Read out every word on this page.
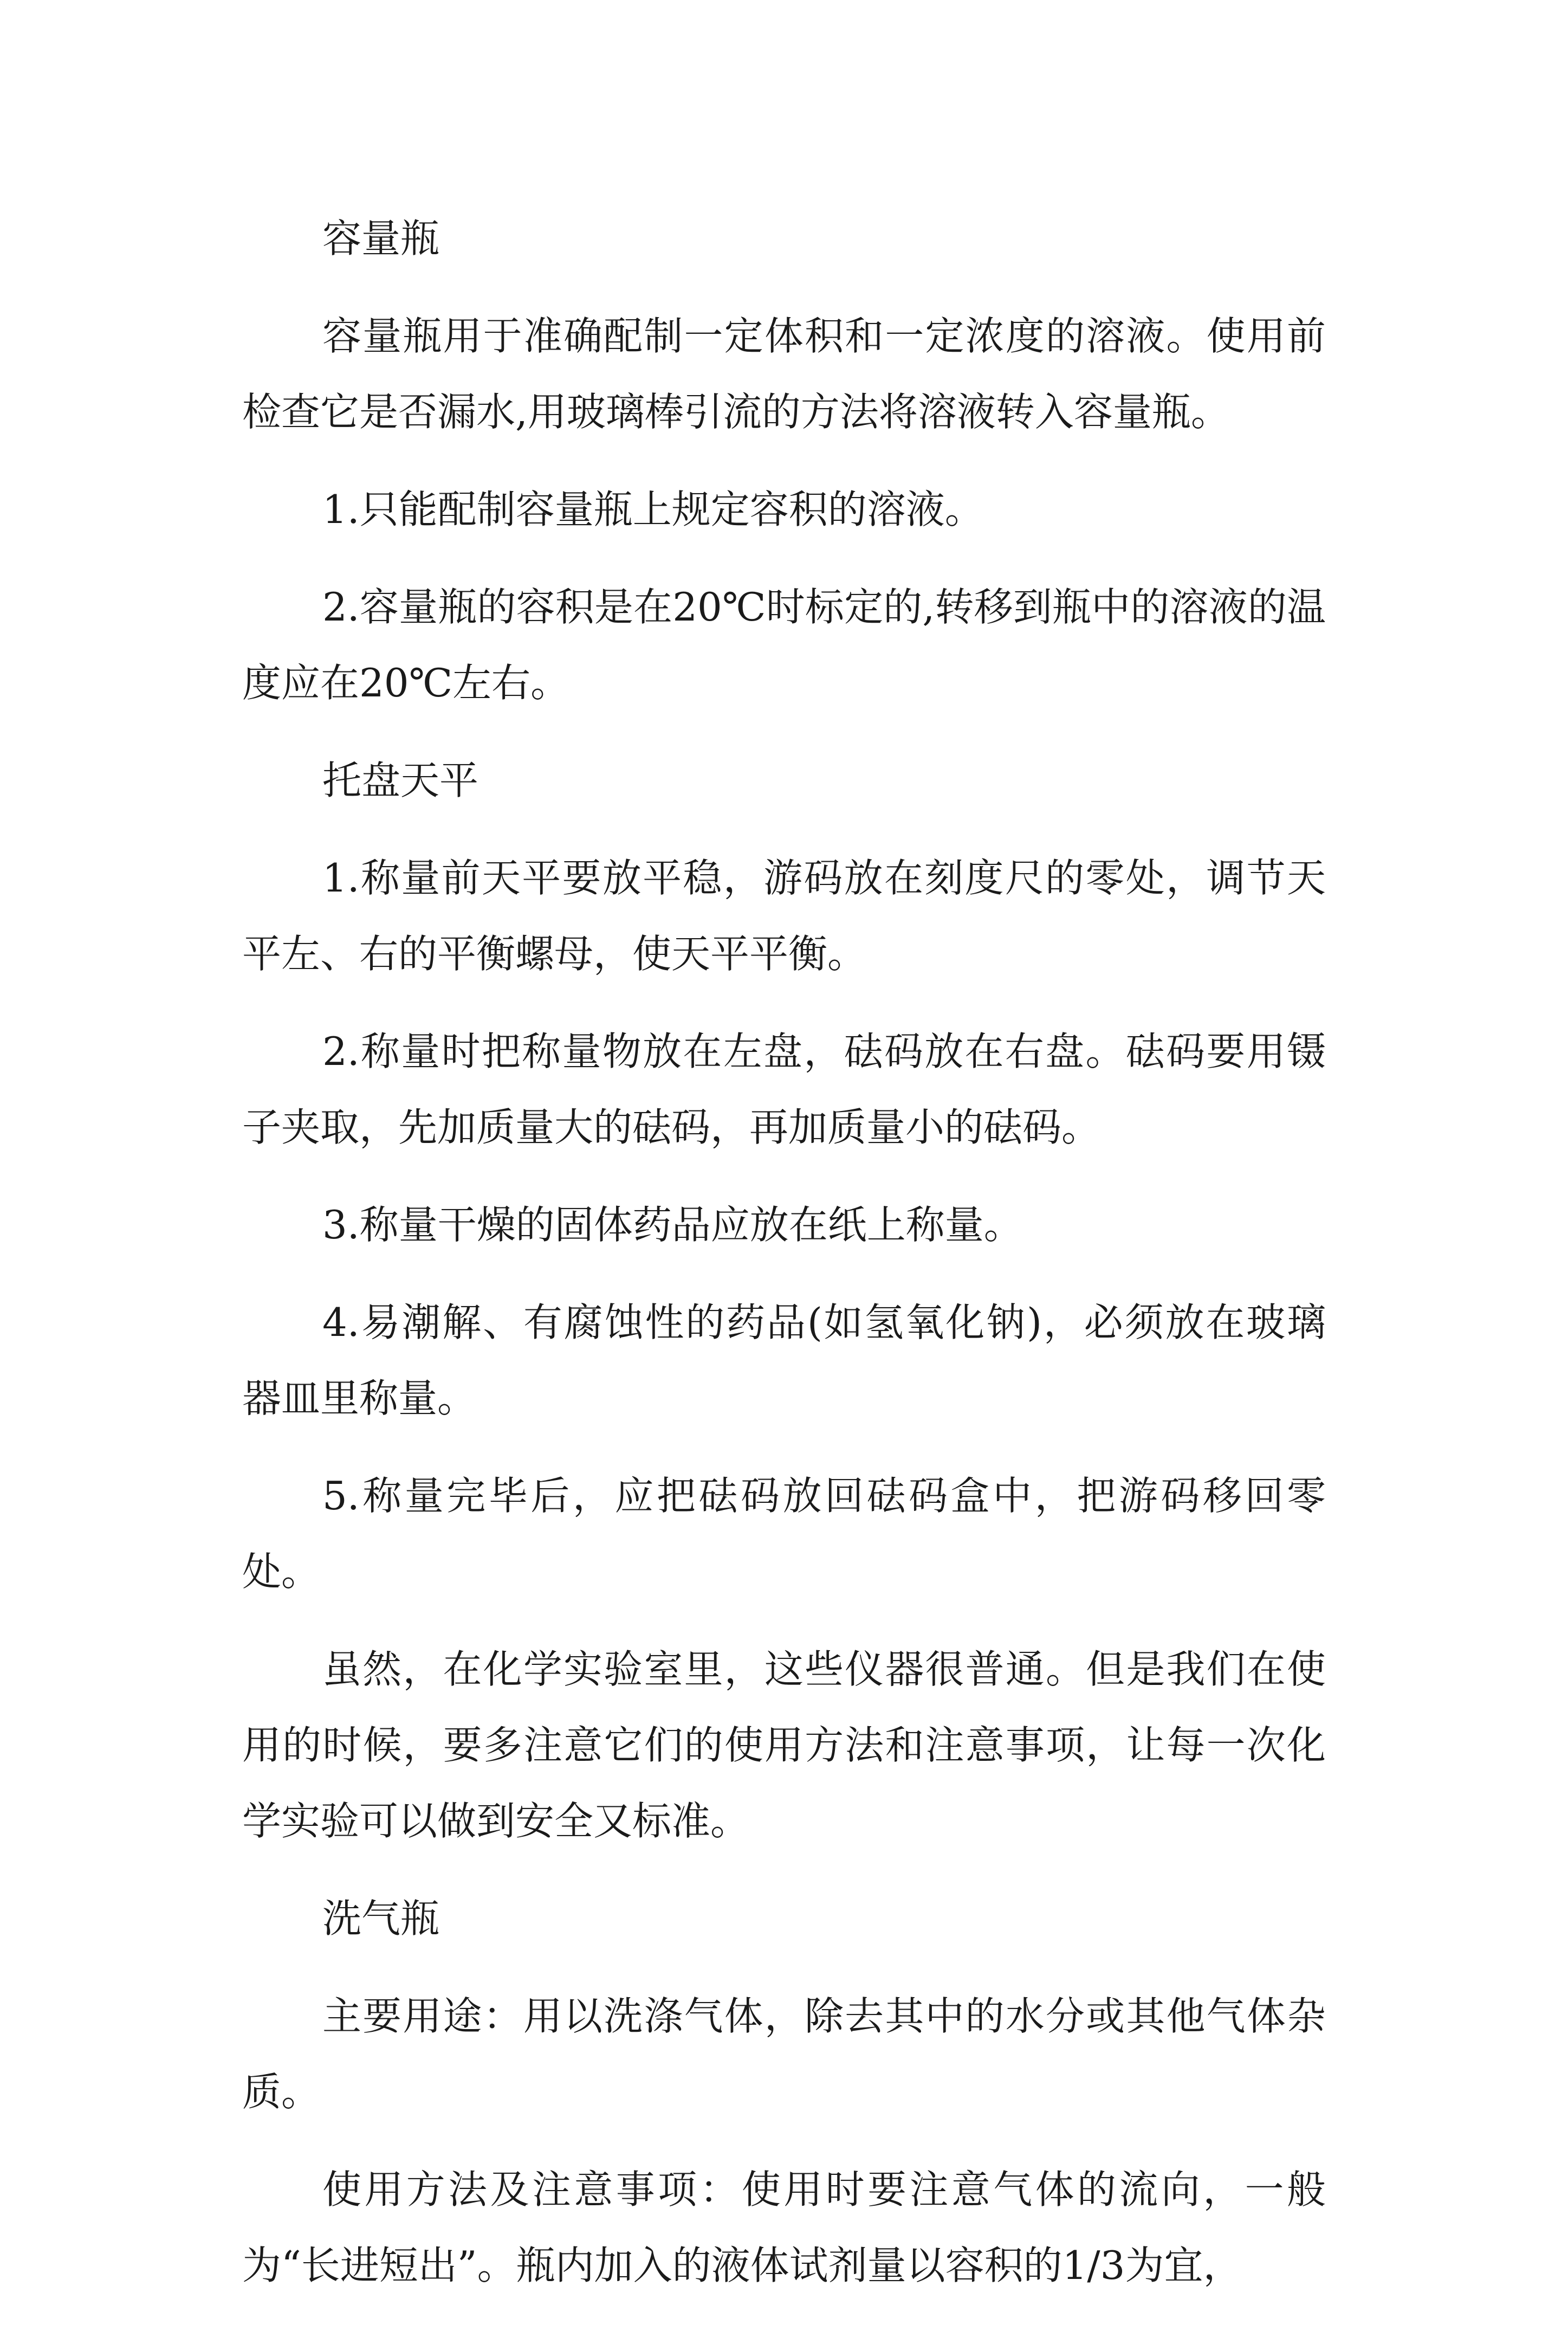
容量瓶

容量瓶用于准确配制一定体积和一定浓度的溶液。使用前检查它是否漏水,用玻璃棒引流的方法将溶液转入容量瓶。

1.只能配制容量瓶上规定容积的溶液。

2.容量瓶的容积是在20℃时标定的,转移到瓶中的溶液的温度应在20℃左右。

托盘天平

1.称量前天平要放平稳，游码放在刻度尺的零处，调节天平左、右的平衡螺母，使天平平衡。

2.称量时把称量物放在左盘，砝码放在右盘。砝码要用镊子夹取，先加质量大的砝码，再加质量小的砝码。

3.称量干燥的固体药品应放在纸上称量。

4.易潮解、有腐蚀性的药品(如氢氧化钠)，必须放在玻璃器皿里称量。

5.称量完毕后，应把砝码放回砝码盒中，把游码移回零处。

虽然，在化学实验室里，这些仪器很普通。但是我们在使用的时候，要多注意它们的使用方法和注意事项，让每一次化学实验可以做到安全又标准。

洗气瓶

主要用途：用以洗涤气体，除去其中的水分或其他气体杂质。

使用方法及注意事项：使用时要注意气体的流向，一般为“长进短出”。瓶内加入的液体试剂量以容积的1/3为宜，
